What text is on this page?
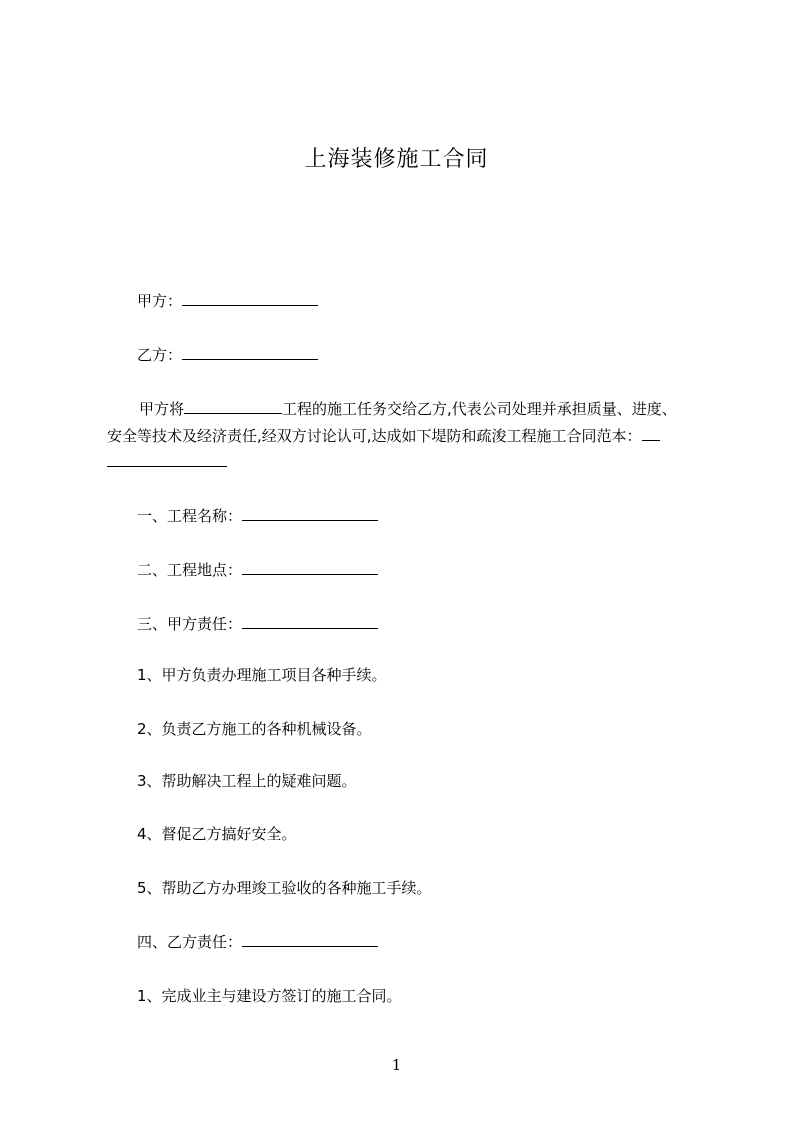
上海装修施工合同
甲方：
乙方：
甲方将	工程的施工任务交给乙方,代表公司处理并承担质量、进度、
安全等技术及经济责任,经双方讨论认可,达成如下堤防和疏浚工程施工合同范本：
一、工程名称：
二、工程地点：
三、甲方责任：
1、甲方负责办理施工项目各种手续。
2、负责乙方施工的各种机械设备。
3、帮助解决工程上的疑难问题。
4、督促乙方搞好安全。
5、帮助乙方办理竣工验收的各种施工手续。
四、乙方责任：
1、完成业主与建设方签订的施工合同。
1
